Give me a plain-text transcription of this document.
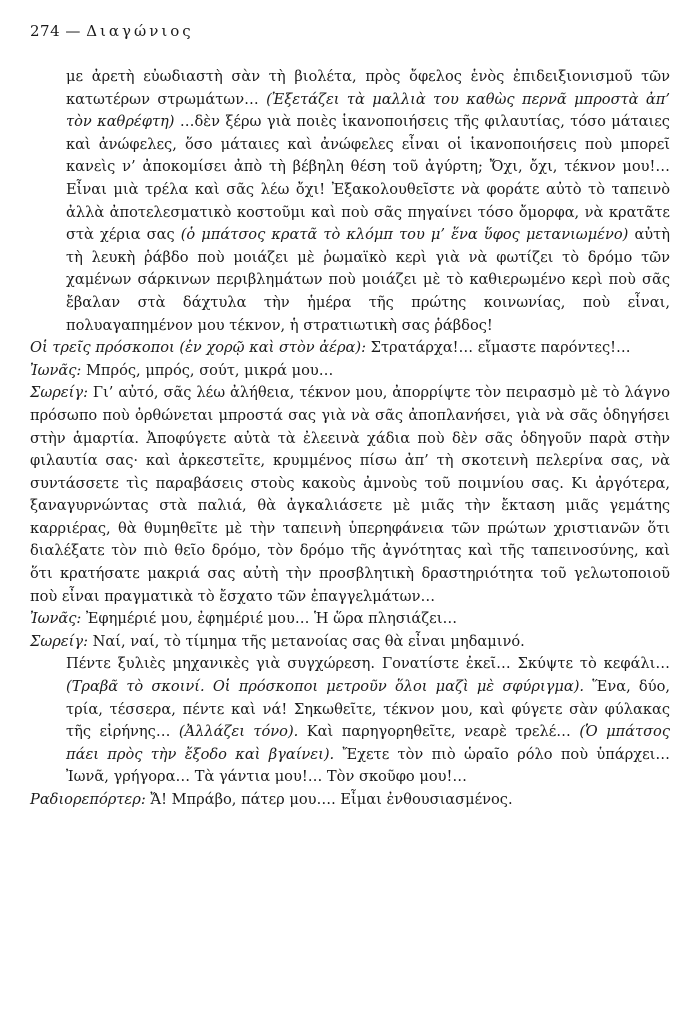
274 — Διαγώνιος

με ἀρετὴ εὐωδιαστὴ σὰν τὴ βιολέτα, πρὸς ὄφελος ἑνὸς ἐπιδειξιονισμοῦ τῶν κατωτέρων στρωμάτων… (Ἐξετάζει τὰ μαλλιὰ του καθὼς περνᾶ μπροστὰ ἀπ’ τὸν καθρέφτη) …δὲν ξέρω γιὰ ποιὲς ἱκανοποιήσεις τῆς φιλαυτίας, τόσο μάταιες καὶ ἀνώφελες, ὅσο μάταιες καὶ ἀνώφελες εἶναι οἱ ἱκανοποιήσεις ποὺ μπορεῖ κανεὶς ν’ ἀποκομίσει ἀπὸ τὴ βέβηλη θέση τοῦ ἀγύρτη; Ὄχι, ὄχι, τέκνον μου!… Εἶναι μιὰ τρέλα καὶ σᾶς λέω ὄχι! Ἐξακολουθεῖστε νὰ φοράτε αὐτὸ τὸ ταπεινὸ ἀλλὰ ἀποτελεσματικὸ κοστοῦμι καὶ ποὺ σᾶς πηγαίνει τόσο ὄμορφα, νὰ κρατᾶτε στὰ χέρια σας (ὁ μπάτσος κρατᾶ τὸ κλόμπ του μ’ ἕνα ὕφος μετανιωμένο) αὐτὴ τὴ λευκὴ ῥάβδο ποὺ μοιάζει μὲ ῥωμαϊκὸ κερὶ γιὰ νὰ φωτίζει τὸ δρόμο τῶν χαμένων σάρκινων περιβλημάτων ποὺ μοιάζει μὲ τὸ καθιερωμένο κερὶ ποὺ σᾶς ἔβαλαν στὰ δάχτυλα τὴν ἡμέρα τῆς πρώτης κοινωνίας, ποὺ εἶναι, πολυαγαπημένον μου τέκνον, ἡ στρατιωτικὴ σας ῥάβδος!

Οἱ τρεῖς πρόσκοποι (ἐν χορῷ καὶ στὸν ἀέρα): Στρατάρχα!… εἴμαστε παρόντες!…

Ἰωνᾶς: Μπρός, μπρός, σούτ, μικρά μου…

Σωρείγ: Γι’ αὐτό, σᾶς λέω ἀλήθεια, τέκνον μου, ἀπορρίψτε τὸν πειρασμὸ μὲ τὸ λάγνο πρόσωπο ποὺ ὀρθώνεται μπροστά σας γιὰ νὰ σᾶς ἀποπλανήσει, γιὰ νὰ σᾶς ὁδηγήσει στὴν ἁμαρτία. Ἀποφύγετε αὐτὰ τὰ ἐλεεινὰ χάδια ποὺ δὲν σᾶς ὁδηγοῦν παρὰ στὴν φιλαυτία σας· καὶ ἀρκεστεῖτε, κρυμμένος πίσω ἀπ’ τὴ σκοτεινὴ πελερίνα σας, νὰ συντάσσετε τὶς παραβάσεις στοὺς κακοὺς ἀμνοὺς τοῦ ποιμνίου σας. Κι ἀργότερα, ξαναγυρνώντας στὰ παλιά, θὰ ἀγκαλιάσετε μὲ μιᾶς τὴν ἔκταση μιᾶς γεμάτης καρριέρας, θὰ θυμηθεῖτε μὲ τὴν ταπεινὴ ὑπερηφάνεια τῶν πρώτων χριστιανῶν ὅτι διαλέξατε τὸν πιὸ θεῖο δρόμο, τὸν δρόμο τῆς ἀγνότητας καὶ τῆς ταπεινοσύνης, καὶ ὅτι κρατήσατε μακριά σας αὐτὴ τὴν προσβλητικὴ δραστηριότητα τοῦ γελωτοποιοῦ ποὺ εἶναι πραγματικὰ τὸ ἔσχατο τῶν ἐπαγγελμάτων…

Ἰωνᾶς: Ἐφημέριέ μου, ἐφημέριέ μου… Ἡ ὥρα πλησιάζει…

Σωρείγ: Ναί, ναί, τὸ τίμημα τῆς μετανοίας σας θὰ εἶναι μηδαμινό.

Πέντε ξυλιὲς μηχανικὲς γιὰ συγχώρεση. Γονατίστε ἐκεῖ… Σκύψτε τὸ κεφάλι… (Τραβᾶ τὸ σκοινί. Οἱ πρόσκοποι μετροῦν ὅλοι μαζὶ μὲ σφύριγμα). Ἕνα, δύο, τρία, τέσσερα, πέντε καὶ νά! Σηκωθεῖτε, τέκνον μου, καὶ φύγετε σὰν φύλακας τῆς εἰρήνης… (Ἀλλάζει τόνο). Καὶ παρηγορηθεῖτε, νεαρὲ τρελέ… (Ὁ μπάτσος πάει πρὸς τὴν ἔξοδο καὶ βγαίνει). Ἔχετε τὸν πιὸ ὡραῖο ρόλο ποὺ ὑπάρχει… Ἰωνᾶ, γρήγορα… Τὰ γάντια μου!… Τὸν σκοῦφο μου!…

Ραδιορεπόρτερ: Ἄ! Μπράβο, πάτερ μου…. Εἶμαι ἐνθουσιασμένος.
